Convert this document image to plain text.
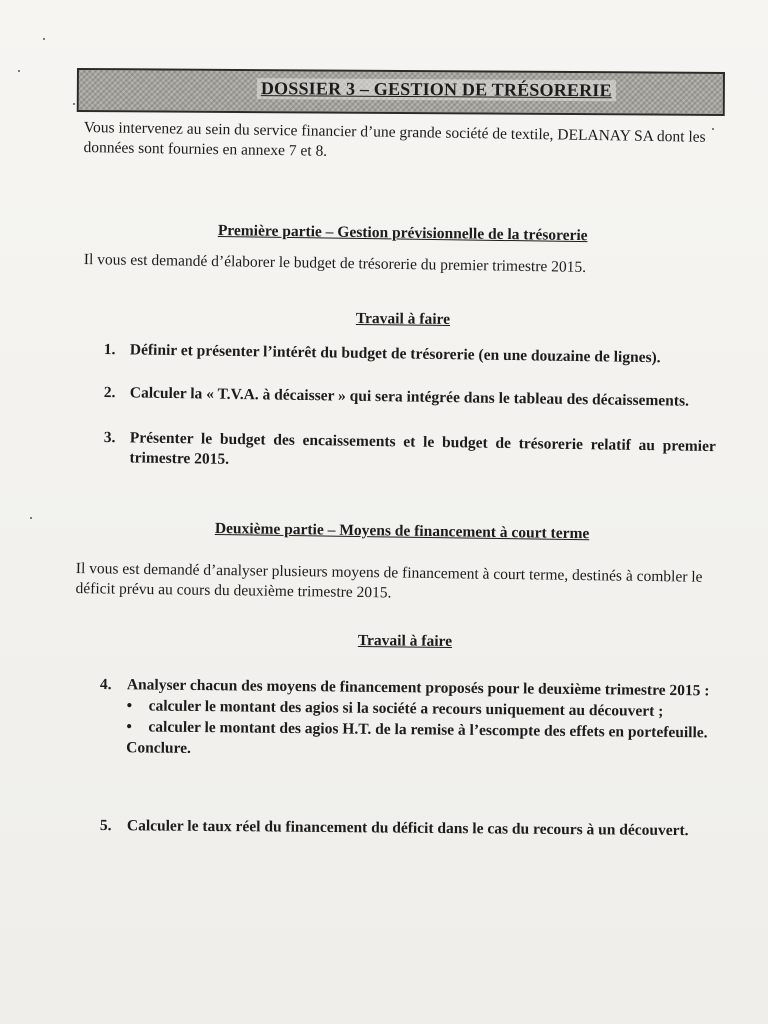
DOSSIER 3 – GESTION DE TRÉSORERIE
Vous intervenez au sein du service financier d’une grande société de textile, DELANAY SA dont les données sont fournies en annexe 7 et 8.
Première partie – Gestion prévisionnelle de la trésorerie
Il vous est demandé d’élaborer le budget de trésorerie du premier trimestre 2015.
Travail à faire
1. Définir et présenter l’intérêt du budget de trésorerie (en une douzaine de lignes).
2. Calculer la « T.V.A. à décaisser » qui sera intégrée dans le tableau des décaissements.
3. Présenter le budget des encaissements et le budget de trésorerie relatif au premier trimestre 2015.
Deuxième partie – Moyens de financement à court terme
Il vous est demandé d’analyser plusieurs moyens de financement à court terme, destinés à combler le déficit prévu au cours du deuxième trimestre 2015.
Travail à faire
4. Analyser chacun des moyens de financement proposés pour le deuxième trimestre 2015 :
•	calculer le montant des agios si la société a recours uniquement au découvert ;
•	calculer le montant des agios H.T. de la remise à l’escompte des effets en portefeuille.
Conclure.
5. Calculer le taux réel du financement du déficit dans le cas du recours à un découvert.
